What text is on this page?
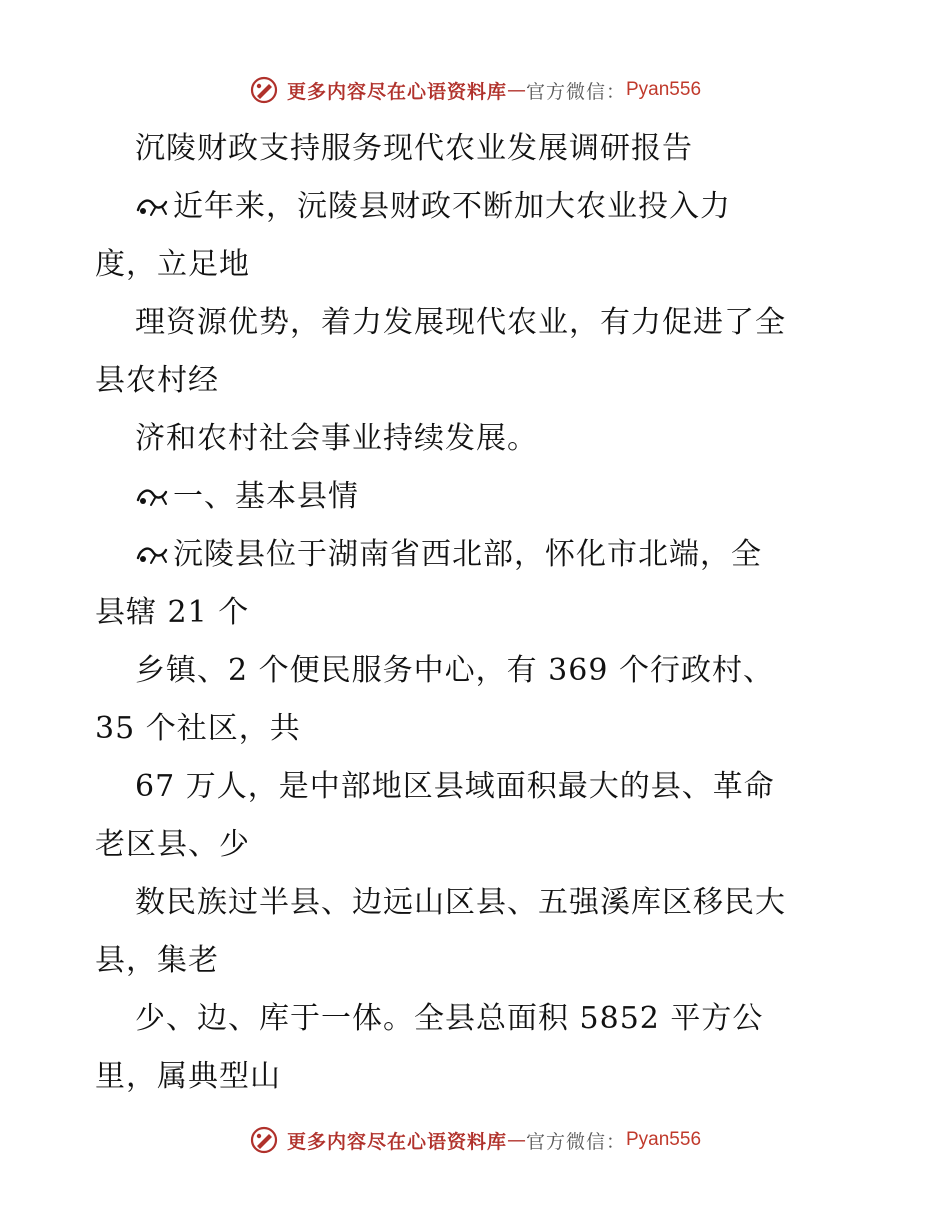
更多内容尽在心语资料库 — 官方微信： Pyan556
沉陵财政支持服务现代农业发展调研报告
近年来，沅陵县财政不断加大农业投入力
度，立足地
理资源优势，着力发展现代农业，有力促进了全
县农村经
济和农村社会事业持续发展。
一、基本县情
沅陵县位于湖南省西北部，怀化市北端，全
县辖 21 个
乡镇、2 个便民服务中心，有 369 个行政村、
35 个社区，共
67 万人，是中部地区县域面积最大的县、革命
老区县、少
数民族过半县、边远山区县、五强溪库区移民大
县，集老
少、边、库于一体。全县总面积 5852 平方公
里，属典型山
更多内容尽在心语资料库 — 官方微信： Pyan556
